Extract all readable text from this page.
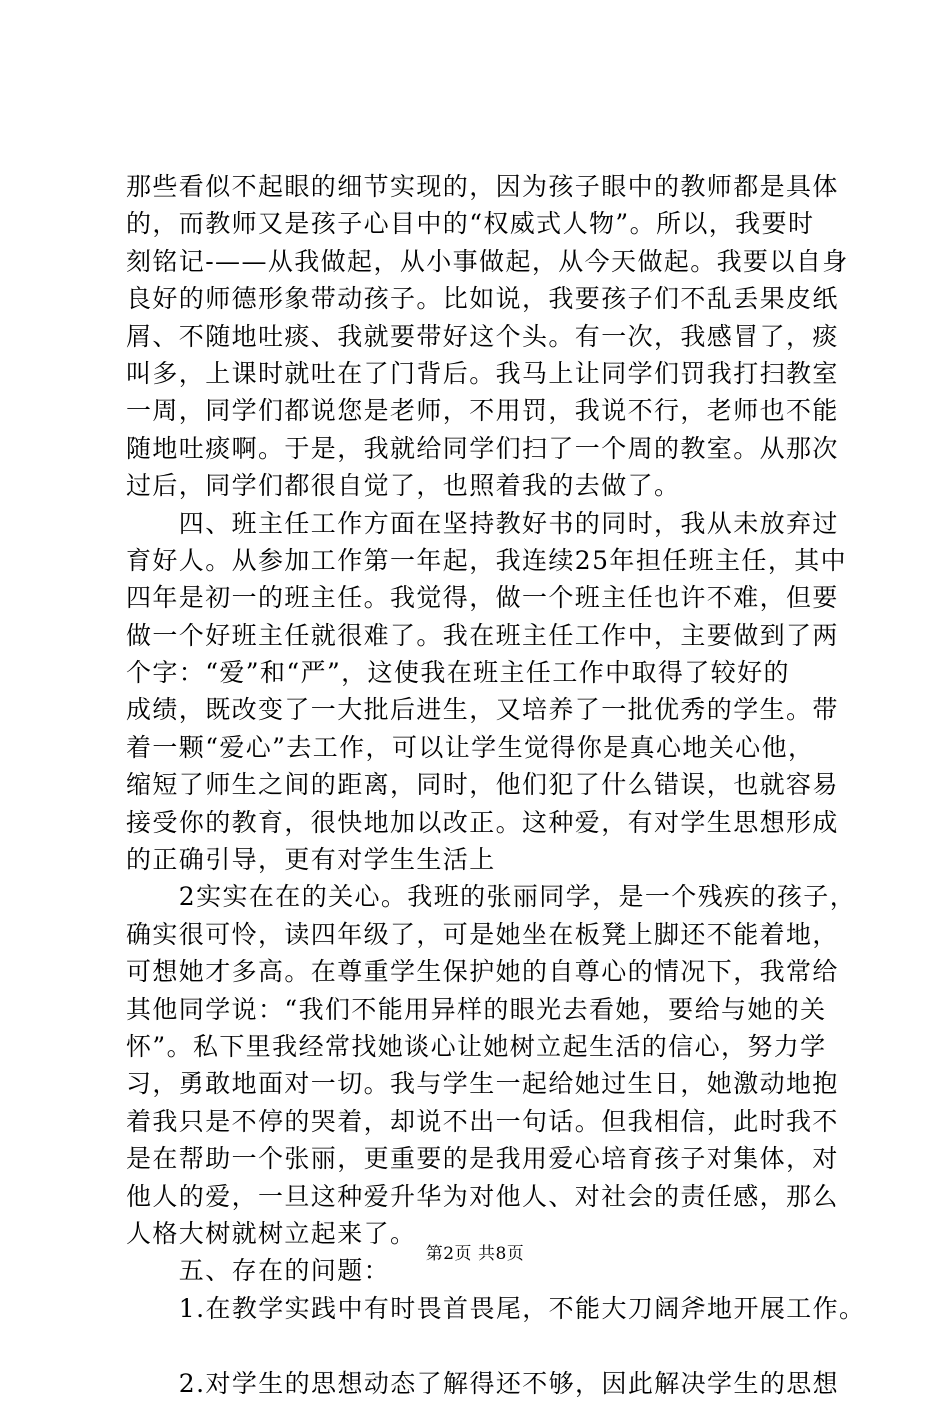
那些看似不起眼的细节实现的，因为孩子眼中的教师都是具体
的，而教师又是孩子心目中的“权威式人物”。所以，我要时
刻铭记-——从我做起，从小事做起，从今天做起。我要以自身
良好的师德形象带动孩子。比如说，我要孩子们不乱丢果皮纸
屑、不随地吐痰、我就要带好这个头。有一次，我感冒了，痰
叫多，上课时就吐在了门背后。我马上让同学们罚我打扫教室
一周，同学们都说您是老师，不用罚，我说不行，老师也不能
随地吐痰啊。于是，我就给同学们扫了一个周的教室。从那次
过后，同学们都很自觉了，也照着我的去做了。
　　四、班主任工作方面在坚持教好书的同时，我从未放弃过
育好人。从参加工作第一年起，我连续25年担任班主任，其中
四年是初一的班主任。我觉得，做一个班主任也许不难，但要
做一个好班主任就很难了。我在班主任工作中，主要做到了两
个字：“爱”和“严”，这使我在班主任工作中取得了较好的
成绩，既改变了一大批后进生，又培养了一批优秀的学生。带
着一颗“爱心”去工作，可以让学生觉得你是真心地关心他，
缩短了师生之间的距离，同时，他们犯了什么错误，也就容易
接受你的教育，很快地加以改正。这种爱，有对学生思想形成
的正确引导，更有对学生生活上
　　2实实在在的关心。我班的张丽同学，是一个残疾的孩子，
确实很可怜，读四年级了，可是她坐在板凳上脚还不能着地，
可想她才多高。在尊重学生保护她的自尊心的情况下，我常给
其他同学说：“我们不能用异样的眼光去看她，要给与她的关
怀”。私下里我经常找她谈心让她树立起生活的信心，努力学
习，勇敢地面对一切。我与学生一起给她过生日，她激动地抱
着我只是不停的哭着，却说不出一句话。但我相信，此时我不
是在帮助一个张丽，更重要的是我用爱心培育孩子对集体，对
他人的爱，一旦这种爱升华为对他人、对社会的责任感，那么
人格大树就树立起来了。
　　五、存在的问题：
　　1.在教学实践中有时畏首畏尾，不能大刀阔斧地开展工作。
　　2.对学生的思想动态了解得还不够，因此解决学生的思想
第2页 共8页
